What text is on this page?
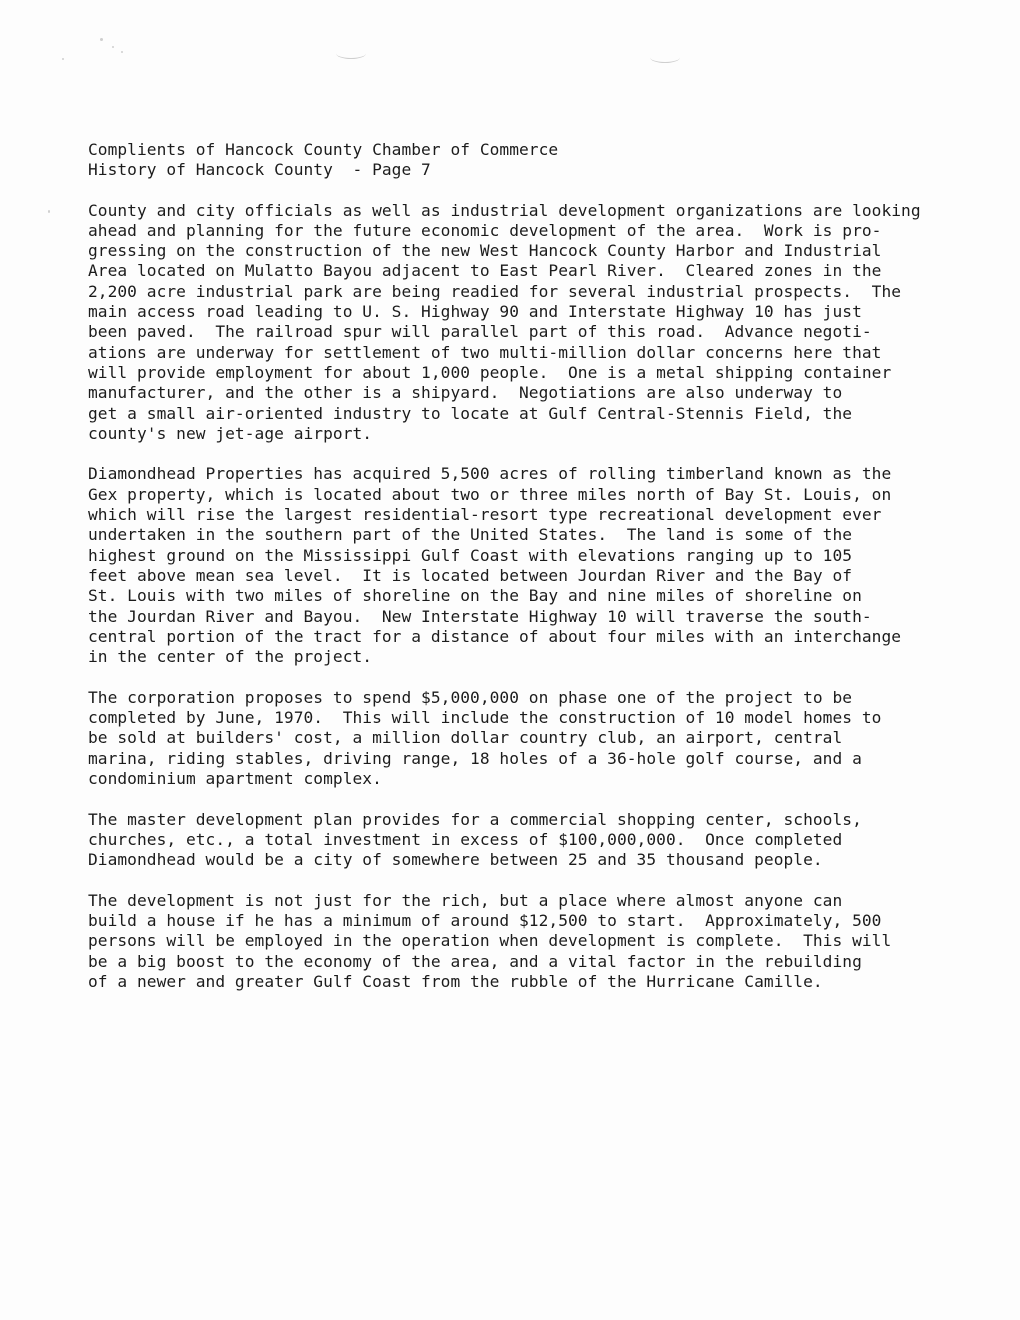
Complients of Hancock County Chamber of Commerce
History of Hancock County  - Page 7
County and city officials as well as industrial development organizations are looking
ahead and planning for the future economic development of the area.  Work is pro-
gressing on the construction of the new West Hancock County Harbor and Industrial
Area located on Mulatto Bayou adjacent to East Pearl River.  Cleared zones in the
2,200 acre industrial park are being readied for several industrial prospects.  The
main access road leading to U. S. Highway 90 and Interstate Highway 10 has just
been paved.  The railroad spur will parallel part of this road.  Advance negoti-
ations are underway for settlement of two multi-million dollar concerns here that
will provide employment for about 1,000 people.  One is a metal shipping container
manufacturer, and the other is a shipyard.  Negotiations are also underway to
get a small air-oriented industry to locate at Gulf Central-Stennis Field, the
county's new jet-age airport.
Diamondhead Properties has acquired 5,500 acres of rolling timberland known as the
Gex property, which is located about two or three miles north of Bay St. Louis, on
which will rise the largest residential-resort type recreational development ever
undertaken in the southern part of the United States.  The land is some of the
highest ground on the Mississippi Gulf Coast with elevations ranging up to 105
feet above mean sea level.  It is located between Jourdan River and the Bay of
St. Louis with two miles of shoreline on the Bay and nine miles of shoreline on
the Jourdan River and Bayou.  New Interstate Highway 10 will traverse the south-
central portion of the tract for a distance of about four miles with an interchange
in the center of the project.
The corporation proposes to spend $5,000,000 on phase one of the project to be
completed by June, 1970.  This will include the construction of 10 model homes to
be sold at builders' cost, a million dollar country club, an airport, central
marina, riding stables, driving range, 18 holes of a 36-hole golf course, and a
condominium apartment complex.
The master development plan provides for a commercial shopping center, schools,
churches, etc., a total investment in excess of $100,000,000.  Once completed
Diamondhead would be a city of somewhere between 25 and 35 thousand people.
The development is not just for the rich, but a place where almost anyone can
build a house if he has a minimum of around $12,500 to start.  Approximately, 500
persons will be employed in the operation when development is complete.  This will
be a big boost to the economy of the area, and a vital factor in the rebuilding
of a newer and greater Gulf Coast from the rubble of the Hurricane Camille.
